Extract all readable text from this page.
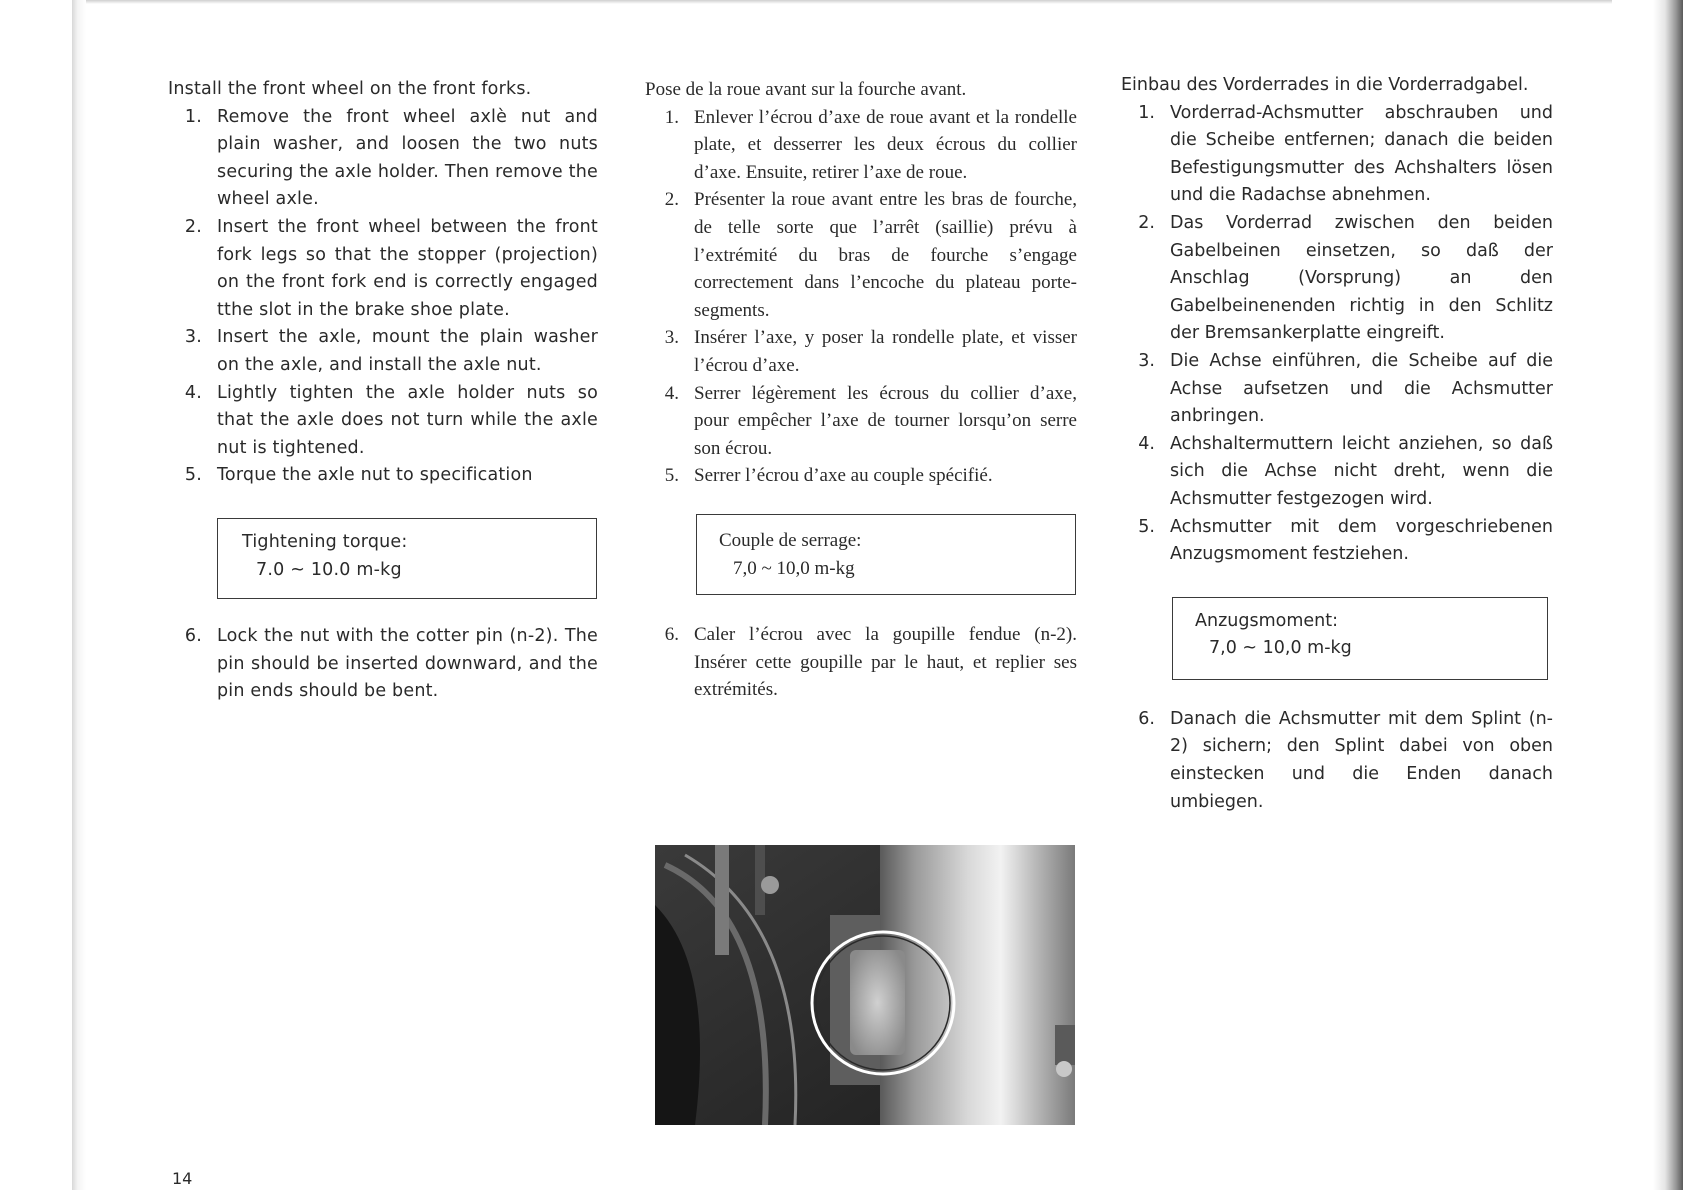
Install the front wheel on the front forks.
1. Remove the front wheel axlè nut and plain washer, and loosen the two nuts securing the axle holder. Then remove the wheel axle.
2. Insert the front wheel between the front fork legs so that the stopper (projection) on the front fork end is correctly engaged tthe slot in the brake shoe plate.
3. Insert the axle, mount the plain washer on the axle, and install the axle nut.
4. Lightly tighten the axle holder nuts so that the axle does not turn while the axle nut is tightened.
5. Torque the axle nut to specification
Tightening torque:
7.0 ~ 10.0 m-kg
6. Lock the nut with the cotter pin (n-2). The pin should be inserted downward, and the pin ends should be bent.
Pose de la roue avant sur la fourche avant.
1. Enlever l’écrou d’axe de roue avant et la rondelle plate, et desserrer les deux écrous du collier d’axe. Ensuite, retirer l’axe de roue.
2. Présenter la roue avant entre les bras de fourche, de telle sorte que l’arrêt (saillie) prévu à l’extrémité du bras de fourche s’engage correctement dans l’encoche du plateau porte-segments.
3. Insérer l’axe, y poser la rondelle plate, et visser l’écrou d’axe.
4. Serrer légèrement les écrous du collier d’axe, pour empêcher l’axe de tourner lorsqu’on serre son écrou.
5. Serrer l’écrou d’axe au couple spécifié.
Couple de serrage:
7,0 ~ 10,0 m-kg
6. Caler l’écrou avec la goupille fendue (n-2). Insérer cette goupille par le haut, et replier ses extrémités.
Einbau des Vorderrades in die Vorderradgabel.
1. Vorderrad-Achsmutter abschrauben und die Scheibe entfernen; danach die beiden Befestigungsmutter des Achshalters lösen und die Radachse abnehmen.
2. Das Vorderrad zwischen den beiden Gabelbeinen einsetzen, so daß der Anschlag (Vorsprung) an den Gabelbeinenenden richtig in den Schlitz der Bremsankerplatte eingreift.
3. Die Achse einführen, die Scheibe auf die Achse aufsetzen und die Achsmutter anbringen.
4. Achshaltermuttern leicht anziehen, so daß sich die Achse nicht dreht, wenn die Achsmutter festgezogen wird.
5. Achsmutter mit dem vorgeschriebenen Anzugsmoment festziehen.
Anzugsmoment:
7,0 ~ 10,0 m-kg
6. Danach die Achsmutter mit dem Splint (n-2) sichern; den Splint dabei von oben einstecken und die Enden danach umbiegen.
14
